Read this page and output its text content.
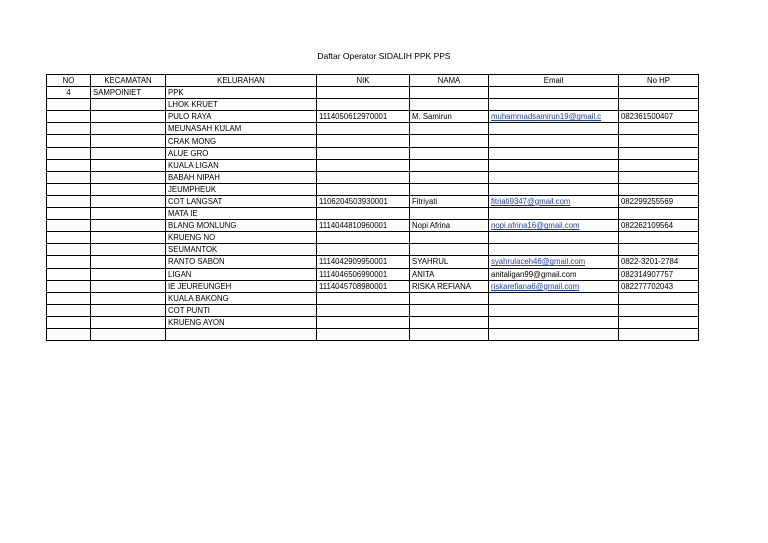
Daftar Operator SIDALIH PPK PPS
NO	KECAMATAN	KELURAHAN	NIK	NAMA	Email	No HP
4	SAMPOINIET	PPK				
		LHOK KRUET				
		PULO RAYA	1114050612970001	M. Samirun	muhammadsamirun19@gmail.c	082361500407
		MEUNASAH KULAM				
		CRAK MONG				
		ALUE GRO				
		KUALA LIGAN				
		BABAH NIPAH				
		JEUMPHEUK				
		COT LANGSAT	1106204503930001	Fitriyati	fitriati9347@gmail.com	082299255569
		MATA IE				
		BLANG MONLUNG	1114044810960001	Nopi Afrina	nopi.afrina16@gmail.com	082262109564
		KRUENG NO				
		SEUMANTOK				
		RANTO SABON	1114042909950001	SYAHRUL	syahrulaceh46@gmail.com	0822-3201-2784
		LIGAN	1114046506990001	ANITA	anitaligan99@gmail.com	082314907757
		IE JEUREUNGEH	1114045708980001	RISKA REFIANA	riskarefiana6@gmail.com	082277702043
		KUALA BAKONG				
		COT PUNTI				
		KRUENG AYON				
